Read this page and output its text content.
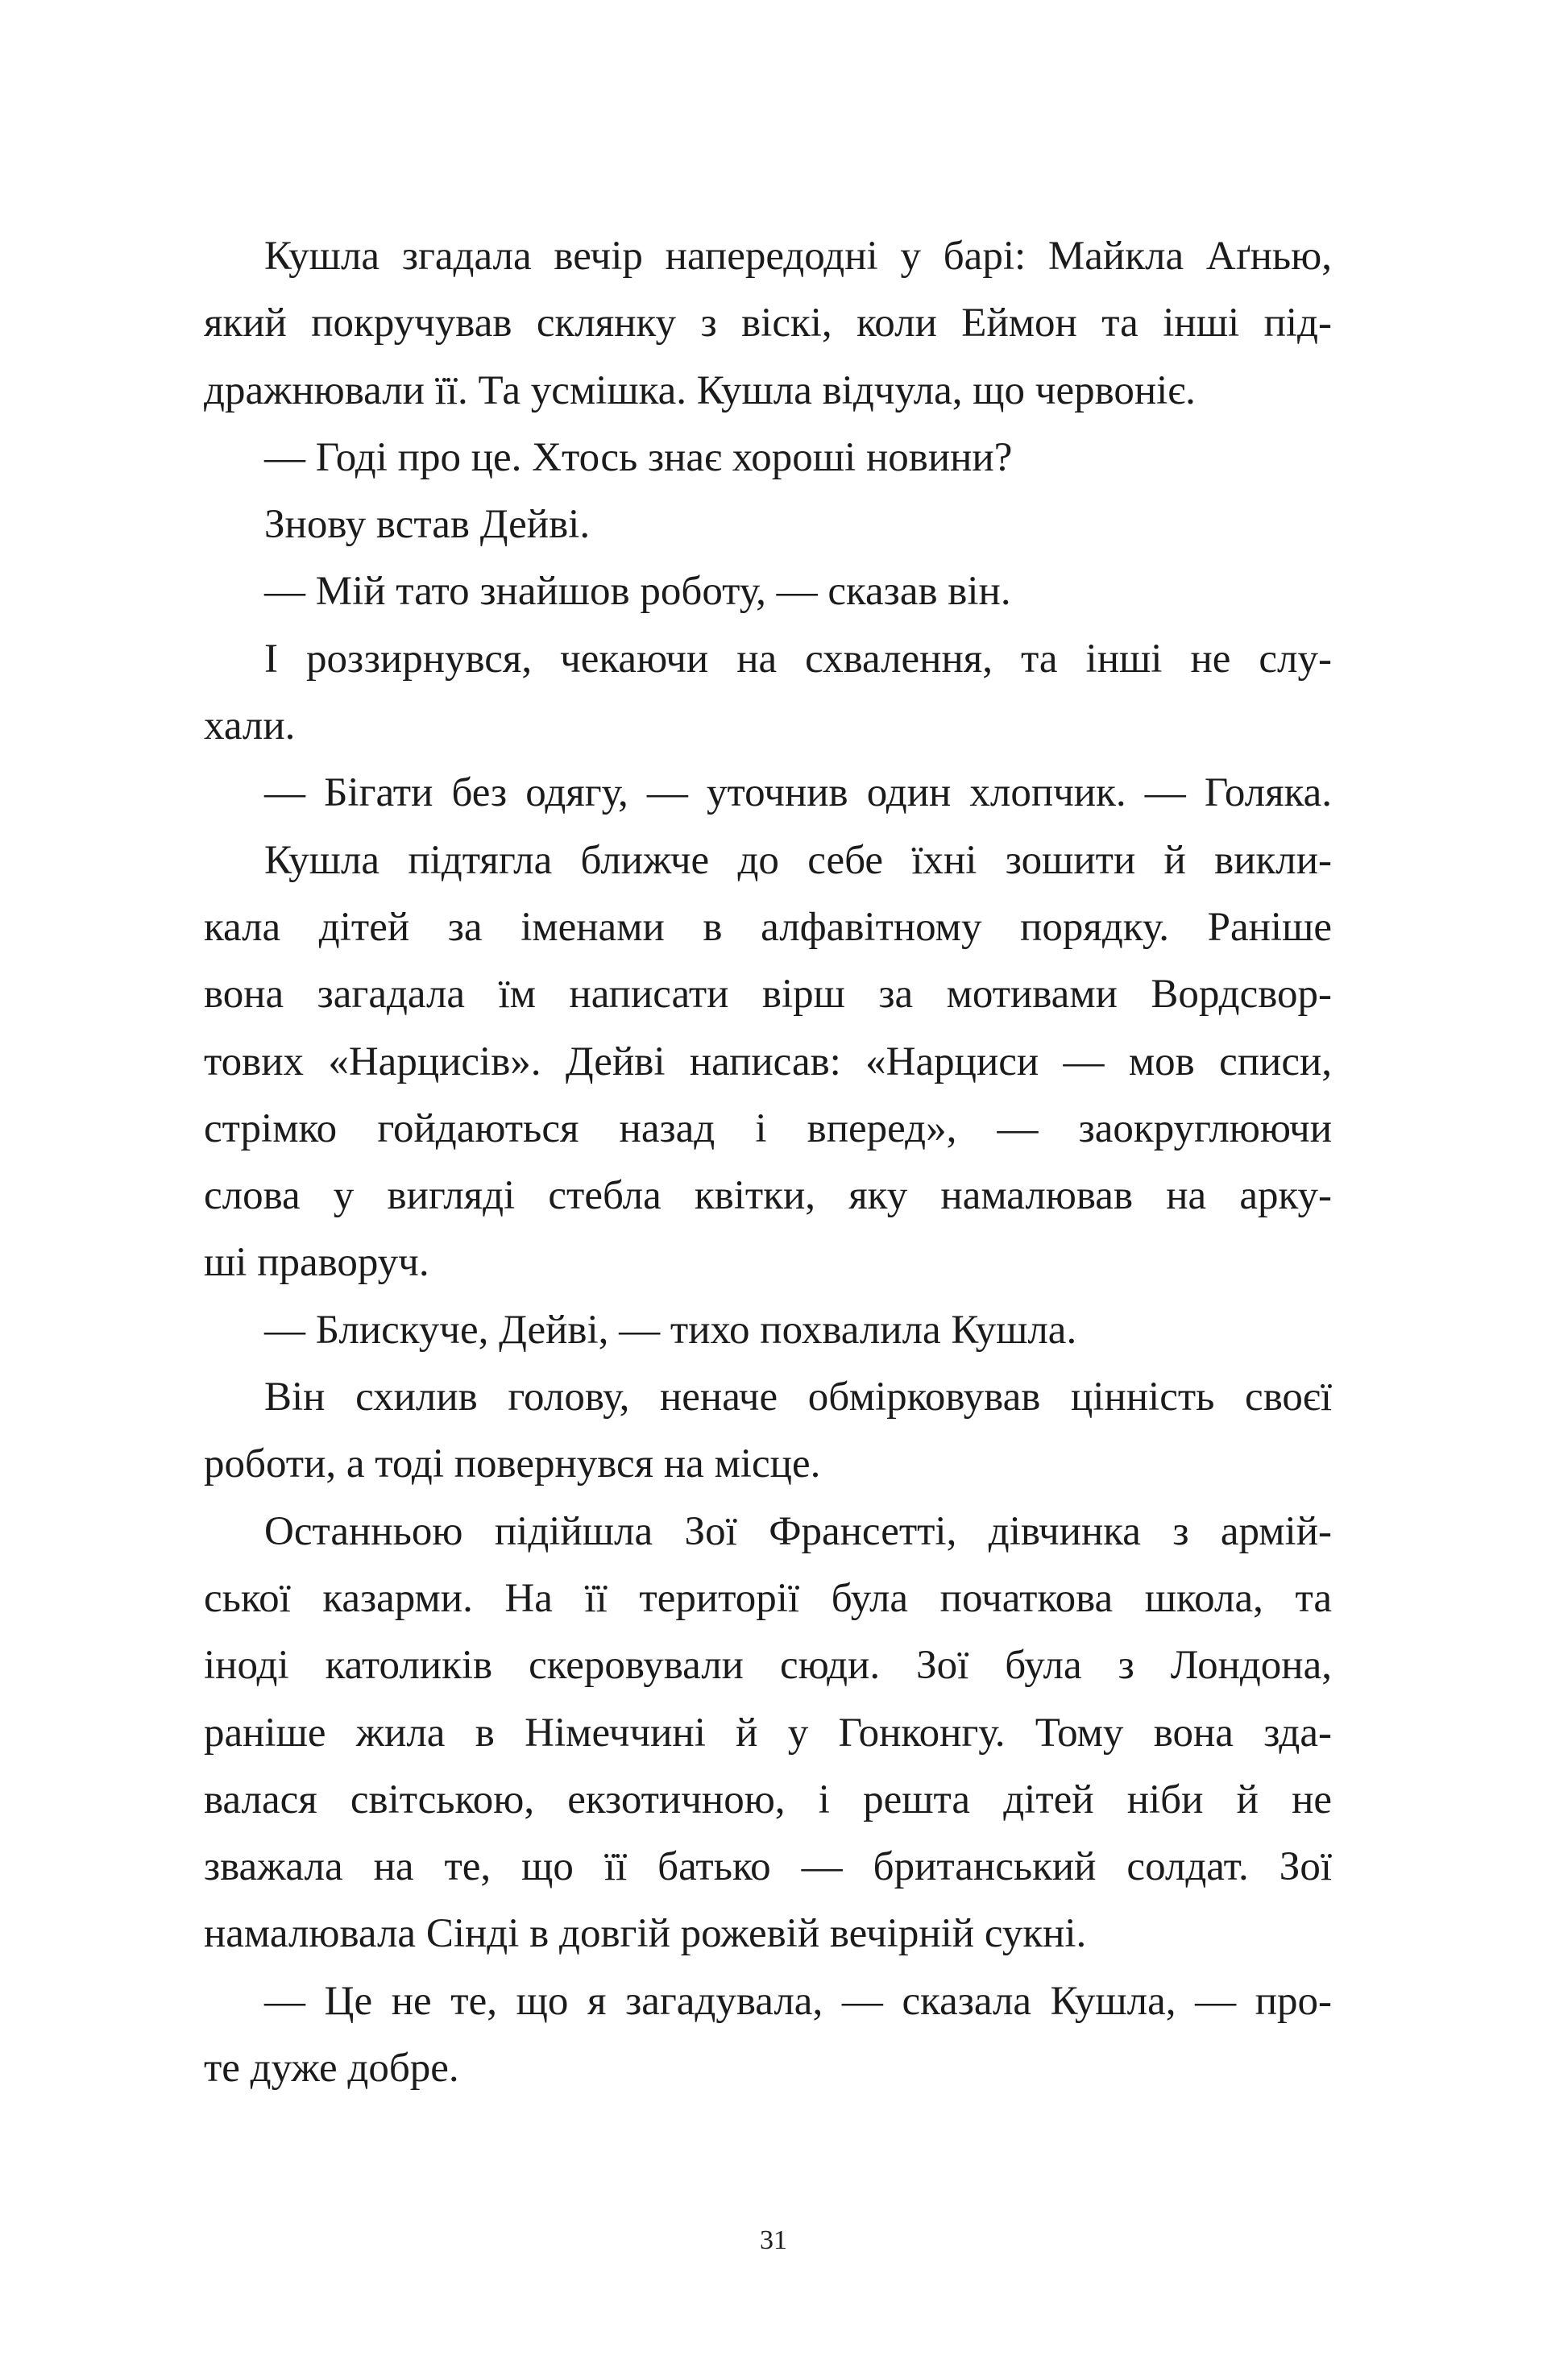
Кушла згадала вечір напередодні у барі: Майкла Аґнью,
який покручував склянку з віскі, коли Еймон та інші під-
дражнювали її. Та усмішка. Кушла відчула, що червоніє.
— Годі про це. Хтось знає хороші новини?
Знову встав Дейві.
— Мій тато знайшов роботу, — сказав він.
І роззирнувся, чекаючи на схвалення, та інші не слу-
хали.
— Бігати без одягу, — уточнив один хлопчик. — Голяка.
Кушла підтягла ближче до себе їхні зошити й викли-
кала дітей за іменами в алфавітному порядку. Раніше
вона загадала їм написати вірш за мотивами Вордсвор-
тових «Нарцисів». Дейві написав: «Нарциси — мов списи,
стрімко гойдаються назад і вперед», — заокруглюючи
слова у вигляді стебла квітки, яку намалював на арку-
ші праворуч.
— Блискуче, Дейві, — тихо похвалила Кушла.
Він схилив голову, неначе обмірковував цінність своєї
роботи, а тоді повернувся на місце.
Останньою підійшла Зої Франсетті, дівчинка з армій-
ської казарми. На її території була початкова школа, та
іноді католиків скеровували сюди. Зої була з Лондона,
раніше жила в Німеччині й у Гонконгу. Тому вона зда-
валася світською, екзотичною, і решта дітей ніби й не
зважала на те, що її батько — британський солдат. Зої
намалювала Сінді в довгій рожевій вечірній сукні.
— Це не те, що я загадувала, — сказала Кушла, — про-
те дуже добре.
31
